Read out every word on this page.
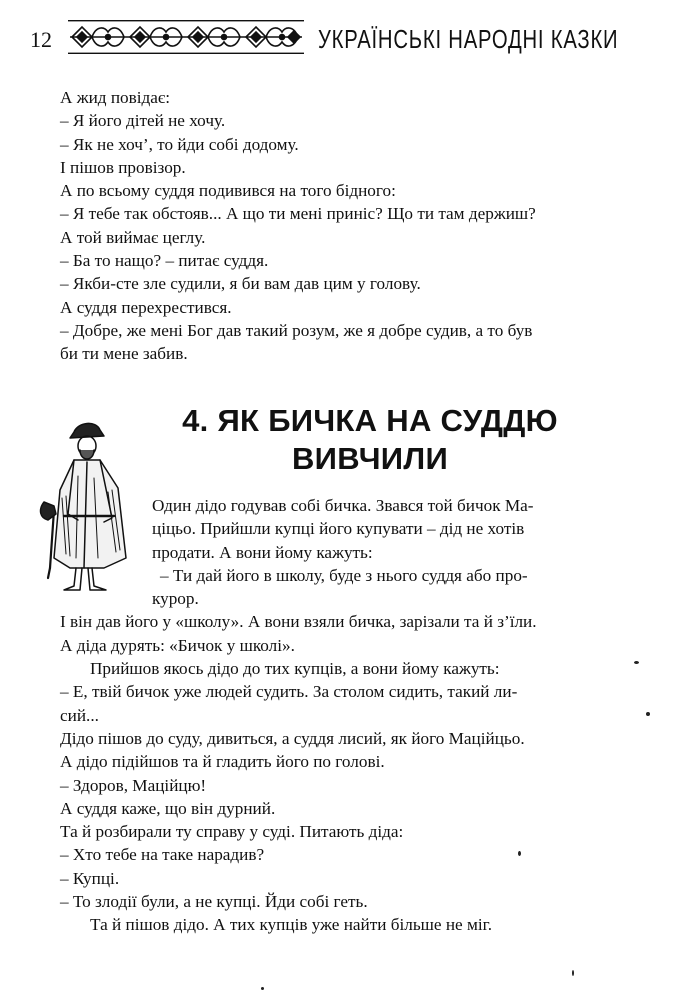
12	УКРАЇНСЬКІ НАРОДНІ КАЗКИ
А жид повідає:
– Я його дітей не хочу.
– Як не хоч’, то йди собі додому.
І пішов провізор.
А по всьому суддя подивився на того бідного:
– Я тебе так обстояв... А що ти мені приніс? Що ти там держиш?
А той виймає цеглу.
– Ба то нащо? – питає суддя.
– Якби-сте зле судили, я би вам дав цим у голову.
А суддя перехрестився.
– Добре, же мені Бог дав такий розум, же я добре судив, а то був
би ти мене забив.
4. ЯК БИЧКА НА СУДДЮ
ВИВЧИЛИ
Один дідо годував собі бичка. Звався той бичок Ма-
ціцьо. Прийшли купці його купувати – дід не хотів
продати. А вони йому кажуть:
– Ти дай його в школу, буде з нього суддя або про-
курор.
І він дав його у «школу». А вони взяли бичка, зарізали та й з’їли.
А діда дурять: «Бичок у школі».
Прийшов якось дідо до тих купців, а вони йому кажуть:
– Е, твій бичок уже людей судить. За столом сидить, такий ли-
сий...
Дідо пішов до суду, дивиться, а суддя лисий, як його Маційцьо.
А дідо підійшов та й гладить його по голові.
– Здоров, Маційцю!
А суддя каже, що він дурний.
Та й розбирали ту справу у суді. Питають діда:
– Хто тебе на таке нарадив?
– Купці.
– То злодії були, а не купці. Йди собі геть.
Та й пішов дідо. А тих купців уже найти більше не міг.
